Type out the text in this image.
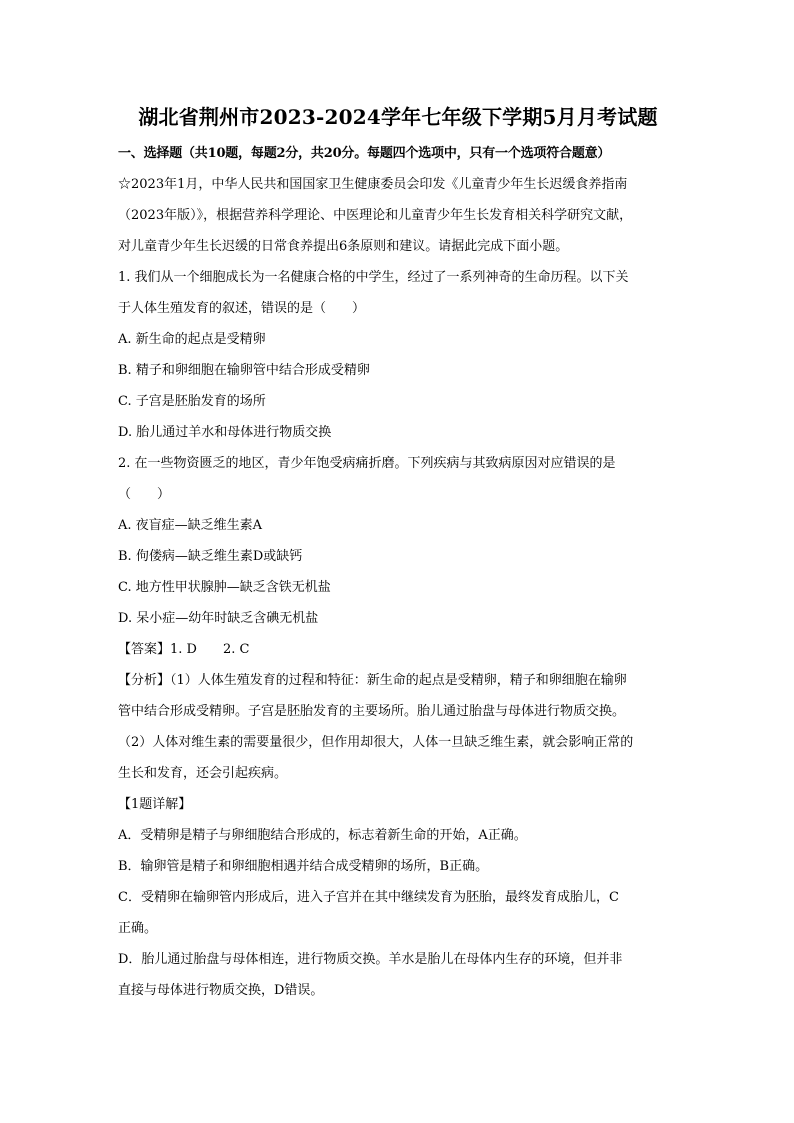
湖北省荆州市2023-2024学年七年级下学期5月月考试题
一、选择题（共10题，每题2分，共20分。每题四个选项中，只有一个选项符合题意）
☆2023年1月，中华人民共和国国家卫生健康委员会印发《儿童青少年生长迟缓食养指南
（2023年版）》，根据营养科学理论、中医理论和儿童青少年生长发育相关科学研究文献，
对儿童青少年生长迟缓的日常食养提出6条原则和建议。请据此完成下面小题。
1. 我们从一个细胞成长为一名健康合格的中学生，经过了一系列神奇的生命历程。以下关
于人体生殖发育的叙述，错误的是（　　）
A. 新生命的起点是受精卵
B. 精子和卵细胞在输卵管中结合形成受精卵
C. 子宫是胚胎发育的场所
D. 胎儿通过羊水和母体进行物质交换
2. 在一些物资匮乏的地区，青少年饱受病痛折磨。下列疾病与其致病原因对应错误的是
（　　）
A. 夜盲症—缺乏维生素A
B. 佝偻病—缺乏维生素D或缺钙
C. 地方性甲状腺肿—缺乏含铁无机盐
D. 呆小症—幼年时缺乏含碘无机盐
【答案】1. D　　2. C
【分析】（1）人体生殖发育的过程和特征：新生命的起点是受精卵，精子和卵细胞在输卵
管中结合形成受精卵。子宫是胚胎发育的主要场所。胎儿通过胎盘与母体进行物质交换。
（2）人体对维生素的需要量很少，但作用却很大，人体一旦缺乏维生素，就会影响正常的
生长和发育，还会引起疾病。
【1题详解】
A．受精卵是精子与卵细胞结合形成的，标志着新生命的开始，A正确。
B．输卵管是精子和卵细胞相遇并结合成受精卵的场所，B正确。
C．受精卵在输卵管内形成后，进入子宫并在其中继续发育为胚胎，最终发育成胎儿，C
正确。
D．胎儿通过胎盘与母体相连，进行物质交换。羊水是胎儿在母体内生存的环境，但并非
直接与母体进行物质交换，D错误。
